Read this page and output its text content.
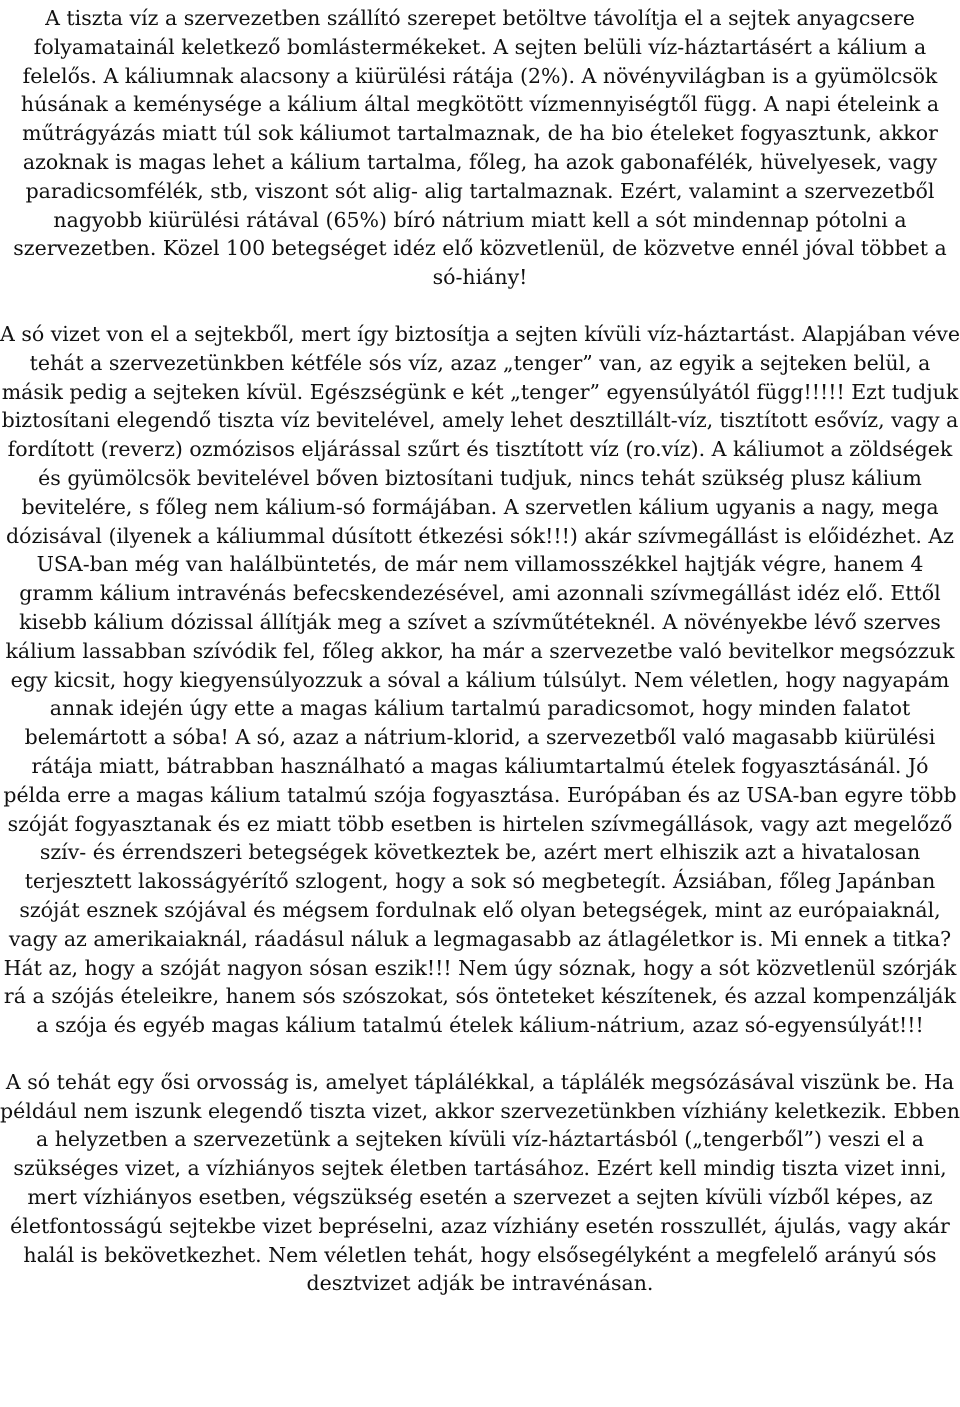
A tiszta víz a szervezetben szállító szerepet betöltve távolítja el a sejtek anyagcsere folyamatainál keletkező bomlástermékeket. A sejten belüli víz-háztartásért a kálium a felelős. A káliumnak alacsony a kiürülési rátája (2%). A növényvilágban is a gyümölcsök húsának a keménysége a kálium által megkötött vízmennyiségtől függ. A napi ételeink a műtrágyázás miatt túl sok káliumot tartalmaznak, de ha bio ételeket fogyasztunk, akkor azoknak is magas lehet a kálium tartalma, főleg, ha azok gabonafélék, hüvelyesek, vagy paradicsomfélék, stb, viszont sót alig- alig tartalmaznak. Ezért, valamint a szervezetből nagyobb kiürülési rátával (65%) bíró nátrium miatt kell a sót mindennap pótolni a szervezetben. Közel 100 betegséget idéz elő közvetlenül, de közvetve ennél jóval többet a só-hiány!

A só vizet von el a sejtekből, mert így biztosítja a sejten kívüli víz-háztartást. Alapjában véve tehát a szervezetünkben kétféle sós víz, azaz „tenger” van, az egyik a sejteken belül, a másik pedig a sejteken kívül. Egészségünk e két „tenger” egyensúlyától függ!!!!! Ezt tudjuk biztosítani elegendő tiszta víz bevitelével, amely lehet desztillált-víz, tisztított esővíz, vagy a fordított (reverz) ozmózisos eljárással szűrt és tisztított víz (ro.víz). A káliumot a zöldségek és gyümölcsök bevitelével bőven biztosítani tudjuk, nincs tehát szükség plusz kálium bevitelére, s főleg nem kálium-só formájában. A szervetlen kálium ugyanis a nagy, mega dózisával (ilyenek a káliummal dúsított étkezési sók!!!) akár szívmegállást is előidézhet. Az USA-ban még van halálbüntetés, de már nem villamosszékkel hajtják végre, hanem 4 gramm kálium intravénás befecskendezésével, ami azonnali szívmegállást idéz elő. Ettől kisebb kálium dózissal állítják meg a szívet a szívműtéteknél. A növényekbe lévő szerves kálium lassabban szívódik fel, főleg akkor, ha már a szervezetbe való bevitelkor megsózzuk egy kicsit, hogy kiegyensúlyozzuk a sóval a kálium túlsúlyt. Nem véletlen, hogy nagyapám annak idején úgy ette a magas kálium tartalmú paradicsomot, hogy minden falatot belemártott a sóba! A só, azaz a nátrium-klorid, a szervezetből való magasabb kiürülési rátája miatt, bátrabban használható a magas káliumtartalmú ételek fogyasztásánál. Jó példa erre a magas kálium tatalmú szója fogyasztása. Európában és az USA-ban egyre több szóját fogyasztanak és ez miatt több esetben is hirtelen szívmegállások, vagy azt megelőző szív- és érrendszeri betegségek következtek be, azért mert elhiszik azt a hivatalosan terjesztett lakosságyérítő szlogent, hogy a sok só megbetegít. Ázsiában, főleg Japánban szóját esznek szójával és mégsem fordulnak elő olyan betegségek, mint az európaiaknál, vagy az amerikaiaknál, ráadásul náluk a legmagasabb az átlagéletkor is. Mi ennek a titka? Hát az, hogy a szóját nagyon sósan eszik!!! Nem úgy sóznak, hogy a sót közvetlenül szórják rá a szójás ételeikre, hanem sós szószokat, sós önteteket készítenek, és azzal kompenzálják a szója és egyéb magas kálium tatalmú ételek kálium-nátrium, azaz só-egyensúlyát!!!

A só tehát egy ősi orvosság is, amelyet táplálékkal, a táplálék megsózásával viszünk be. Ha például nem iszunk elegendő tiszta vizet, akkor szervezetünkben vízhiány keletkezik. Ebben a helyzetben a szervezetünk a sejteken kívüli víz-háztartásból („tengerből”) veszi el a szükséges vizet, a vízhiányos sejtek életben tartásához. Ezért kell mindig tiszta vizet inni, mert vízhiányos esetben, végszükség esetén a szervezet a sejten kívüli vízből képes, az életfontosságú sejtekbe vizet bepréselni, azaz vízhiány esetén rosszullét, ájulás, vagy akár halál is bekövetkezhet. Nem véletlen tehát, hogy elsősegélyként a megfelelő arányú sós desztvizet adják be intravénásan.
